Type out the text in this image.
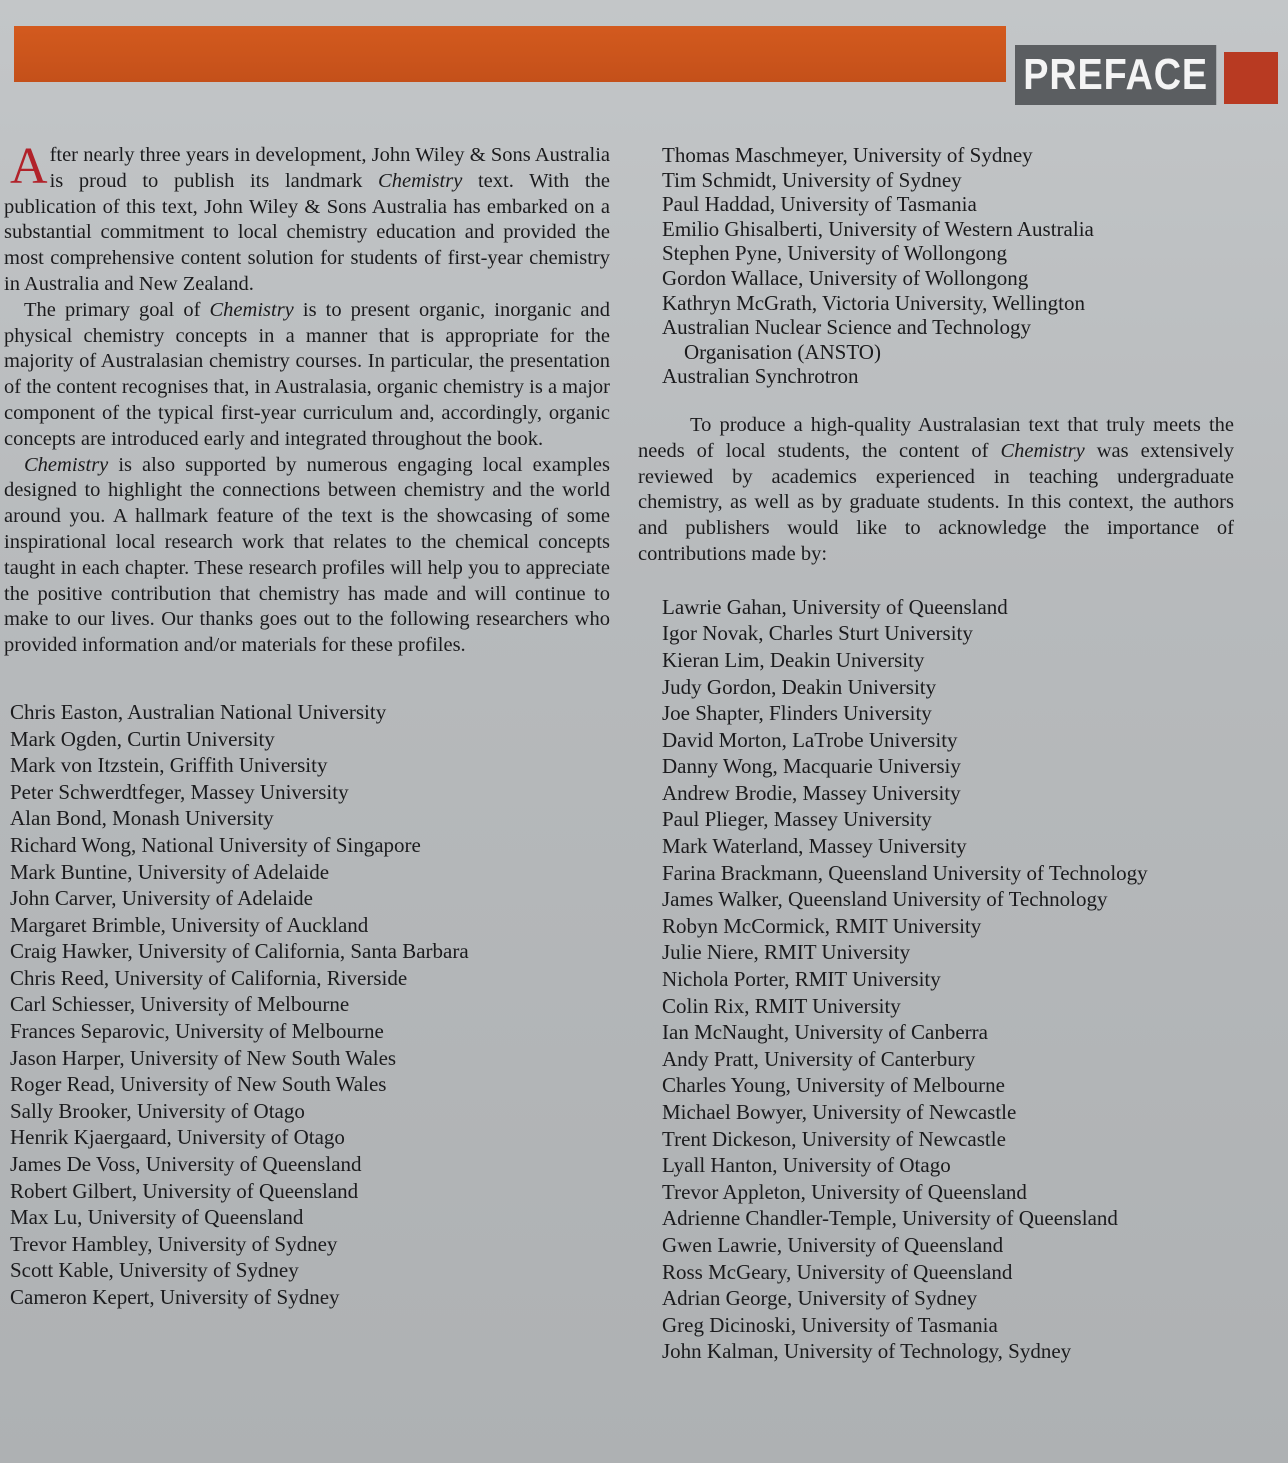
PREFACE

After nearly three years in development, John Wiley & Sons Australia is proud to publish its landmark Chemistry text. With the publication of this text, John Wiley & Sons Australia has embarked on a substantial commitment to local chemistry education and provided the most comprehensive content solution for students of first-year chemistry in Australia and New Zealand.

The primary goal of Chemistry is to present organic, inorganic and physical chemistry concepts in a manner that is appropriate for the majority of Australasian chemistry courses. In particular, the presentation of the content recognises that, in Australasia, organic chemistry is a major component of the typical first-year curriculum and, accordingly, organic concepts are introduced early and integrated throughout the book.

Chemistry is also supported by numerous engaging local examples designed to highlight the connections between chemistry and the world around you. A hallmark feature of the text is the showcasing of some inspirational local research work that relates to the chemical concepts taught in each chapter. These research profiles will help you to appreciate the positive contribution that chemistry has made and will continue to make to our lives. Our thanks goes out to the following researchers who provided information and/or materials for these profiles.

Chris Easton, Australian National University
Mark Ogden, Curtin University
Mark von Itzstein, Griffith University
Peter Schwerdtfeger, Massey University
Alan Bond, Monash University
Richard Wong, National University of Singapore
Mark Buntine, University of Adelaide
John Carver, University of Adelaide
Margaret Brimble, University of Auckland
Craig Hawker, University of California, Santa Barbara
Chris Reed, University of California, Riverside
Carl Schiesser, University of Melbourne
Frances Separovic, University of Melbourne
Jason Harper, University of New South Wales
Roger Read, University of New South Wales
Sally Brooker, University of Otago
Henrik Kjaergaard, University of Otago
James De Voss, University of Queensland
Robert Gilbert, University of Queensland
Max Lu, University of Queensland
Trevor Hambley, University of Sydney
Scott Kable, University of Sydney
Cameron Kepert, University of Sydney
Thomas Maschmeyer, University of Sydney
Tim Schmidt, University of Sydney
Paul Haddad, University of Tasmania
Emilio Ghisalberti, University of Western Australia
Stephen Pyne, University of Wollongong
Gordon Wallace, University of Wollongong
Kathryn McGrath, Victoria University, Wellington
Australian Nuclear Science and Technology
Organisation (ANSTO)
Australian Synchrotron

To produce a high-quality Australasian text that truly meets the needs of local students, the content of Chemistry was extensively reviewed by academics experienced in teaching undergraduate chemistry, as well as by graduate students. In this context, the authors and publishers would like to acknowledge the importance of contributions made by:

Lawrie Gahan, University of Queensland
Igor Novak, Charles Sturt University
Kieran Lim, Deakin University
Judy Gordon, Deakin University
Joe Shapter, Flinders University
David Morton, LaTrobe University
Danny Wong, Macquarie Universiy
Andrew Brodie, Massey University
Paul Plieger, Massey University
Mark Waterland, Massey University
Farina Brackmann, Queensland University of Technology
James Walker, Queensland University of Technology
Robyn McCormick, RMIT University
Julie Niere, RMIT University
Nichola Porter, RMIT University
Colin Rix, RMIT University
Ian McNaught, University of Canberra
Andy Pratt, University of Canterbury
Charles Young, University of Melbourne
Michael Bowyer, University of Newcastle
Trent Dickeson, University of Newcastle
Lyall Hanton, University of Otago
Trevor Appleton, University of Queensland
Adrienne Chandler-Temple, University of Queensland
Gwen Lawrie, University of Queensland
Ross McGeary, University of Queensland
Adrian George, University of Sydney
Greg Dicinoski, University of Tasmania
John Kalman, University of Technology, Sydney
